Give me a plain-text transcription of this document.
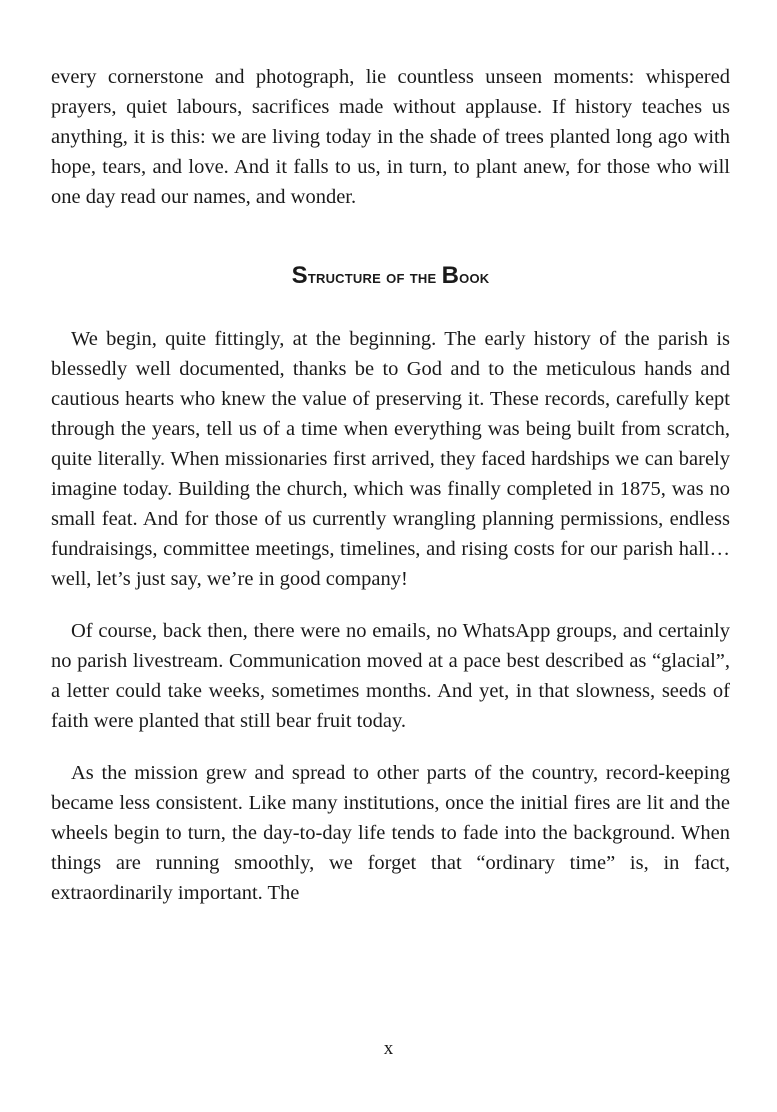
every cornerstone and photograph, lie countless unseen moments: whispered prayers, quiet labours, sacrifices made without applause. If history teaches us anything, it is this: we are living today in the shade of trees planted long ago with hope, tears, and love. And it falls to us, in turn, to plant anew, for those who will one day read our names, and wonder.

Structure of the Book

We begin, quite fittingly, at the beginning. The early history of the parish is blessedly well documented, thanks be to God and to the meticulous hands and cautious hearts who knew the value of preserving it. These records, carefully kept through the years, tell us of a time when everything was being built from scratch, quite literally. When missionaries first arrived, they faced hardships we can barely imagine today. Building the church, which was finally completed in 1875, was no small feat. And for those of us currently wrangling planning permissions, endless fundraisings, committee meetings, timelines, and rising costs for our parish hall… well, let’s just say, we’re in good company!

Of course, back then, there were no emails, no WhatsApp groups, and certainly no parish livestream. Communication moved at a pace best described as “glacial”, a letter could take weeks, sometimes months. And yet, in that slowness, seeds of faith were planted that still bear fruit today.

As the mission grew and spread to other parts of the country, record-keeping became less consistent. Like many institutions, once the initial fires are lit and the wheels begin to turn, the day-to-day life tends to fade into the background. When things are running smoothly, we forget that “ordinary time” is, in fact, extraordinarily important. The

x
